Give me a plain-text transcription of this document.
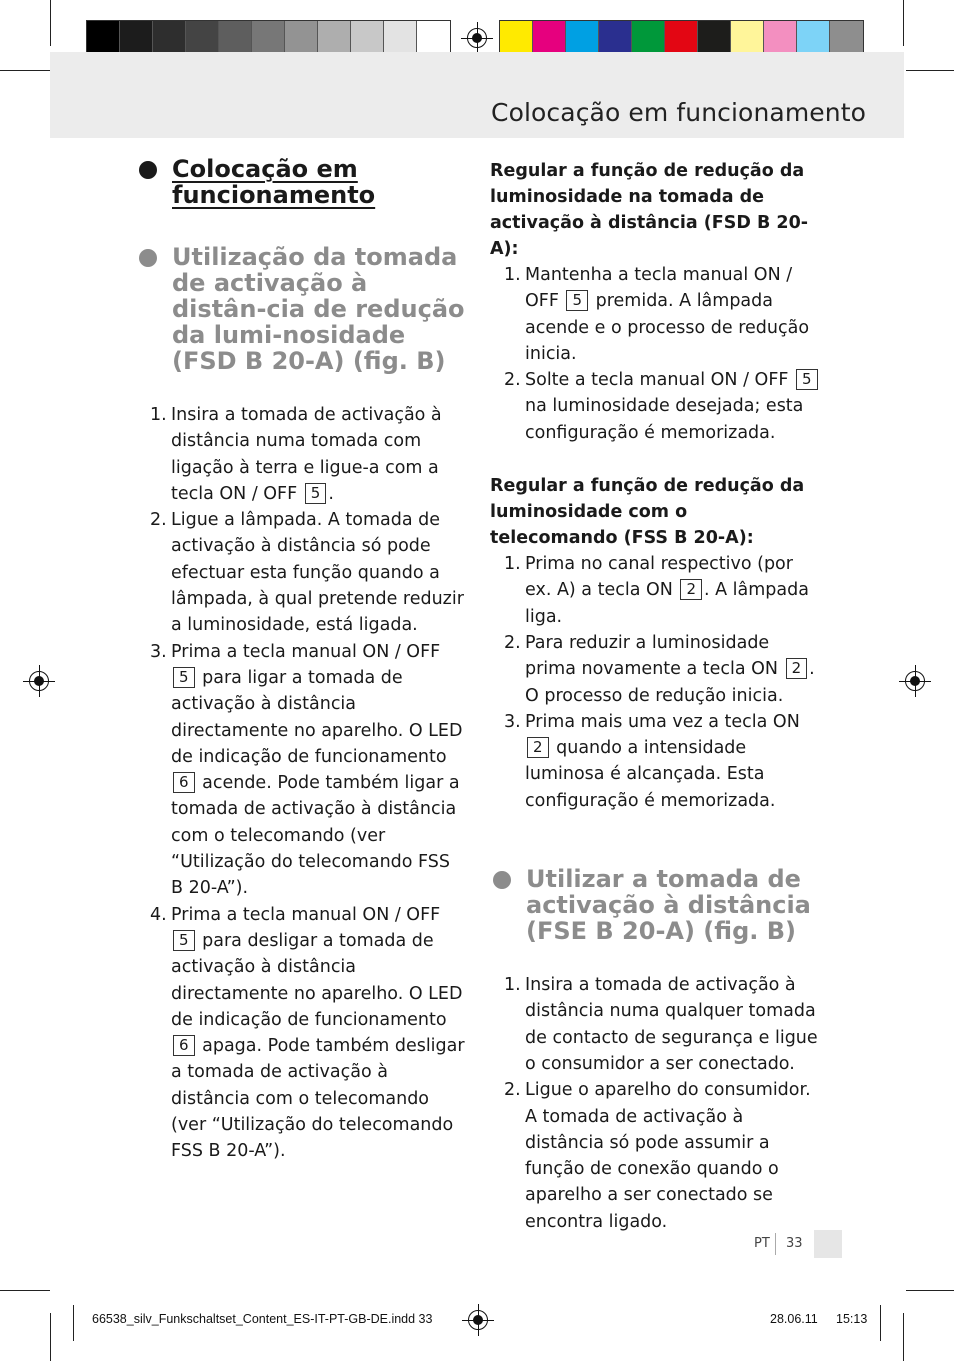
Colocação em funcionamento
Colocação em funcionamento
Utilização da tomada de activação à distân-cia de redução da lumi-nosidade (FSD B 20-A) (fig. B)
1. Insira a tomada de activação à distância numa tomada com ligação à terra e ligue-a com a tecla ON / OFF 5 .
2. Ligue a lâmpada. A tomada de activação à distância só pode efectuar esta função quando a lâmpada, à qual pretende reduzir a luminosidade, está ligada.
3. Prima a tecla manual ON / OFF 5 para ligar a tomada de activação à distância directamente no aparelho. O LED de indicação de funcionamento 6 acende. Pode também ligar a tomada de activação à distância com o telecomando (ver “Utilização do telecomando FSS B 20-A”).
4. Prima a tecla manual ON / OFF 5 para desligar a tomada de activação à distância directamente no aparelho. O LED de indicação de funcionamento 6 apaga. Pode também desligar a tomada de activação à distância com o telecomando (ver “Utilização do telecomando FSS B 20-A”).

Regular a função de redução da luminosidade na tomada de activação à distância (FSD B 20-A):

1. Mantenha a tecla manual ON / OFF 5 premida. A lâmpada acende e o processo de redução inicia.
2. Solte a tecla manual ON / OFF 5 na luminosidade desejada; esta configuração é memorizada.

Regular a função de redução da luminosidade com o telecomando (FSS B 20-A):

1. Prima no canal respectivo (por ex. A) a tecla ON 2 . A lâmpada liga.
2. Para reduzir a luminosidade prima novamente a tecla ON 2 . O processo de redução inicia.
3. Prima mais uma vez a tecla ON 2 quando a intensidade luminosa é alcançada. Esta configuração é memorizada.
Utilizar a tomada de activação à distância (FSE B 20-A) (fig. B)
1. Insira a tomada de activação à distância numa qualquer tomada de contacto de segurança e ligue o consumidor a ser conectado.
2. Ligue o aparelho do consumidor. A tomada de activação à distância só pode assumir a função de conexão quando o aparelho a ser conectado se encontra ligado.
PT 33
66538_silv_Funkschaltset_Content_ES-IT-PT-GB-DE.indd 33	28.06.11 15:13
